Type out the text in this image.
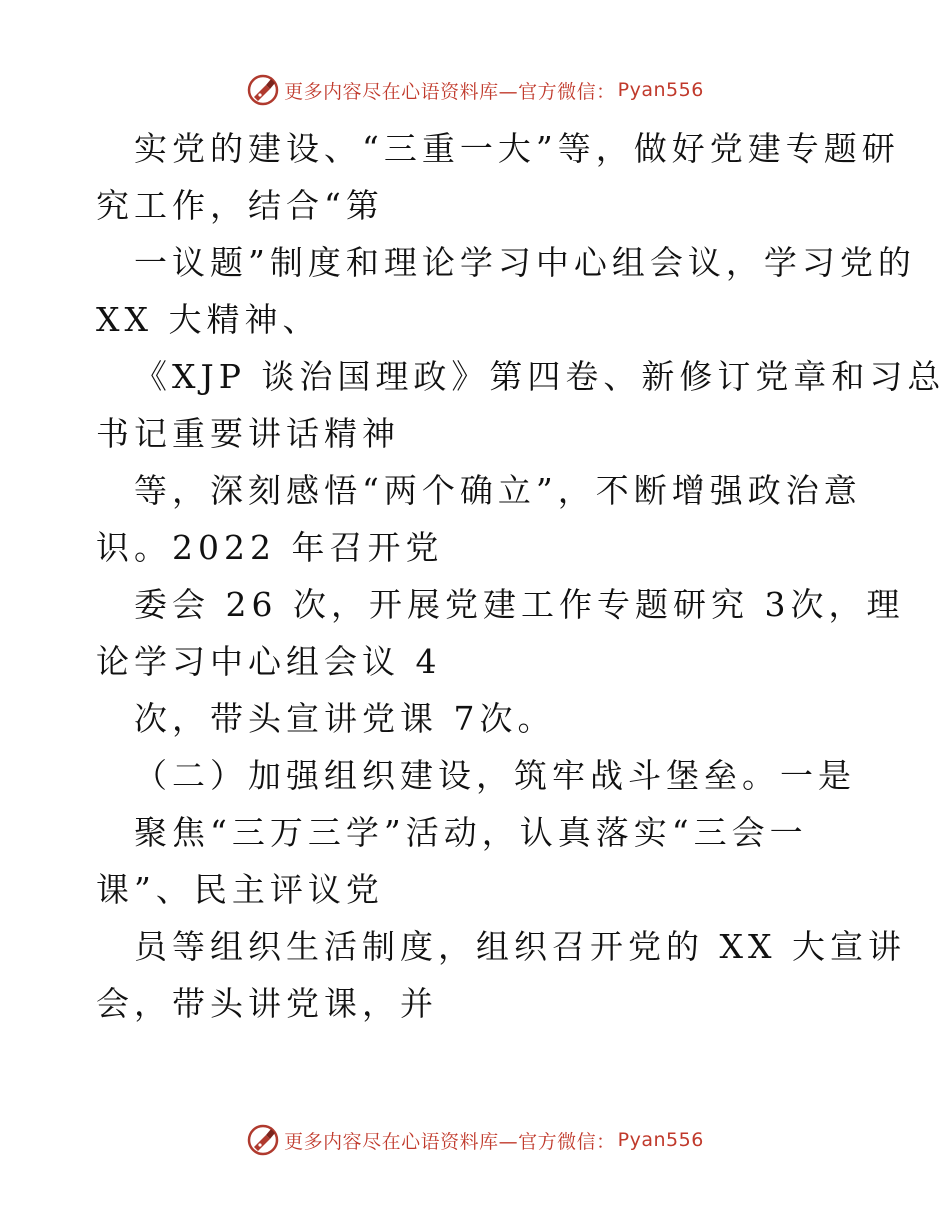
更多内容尽在心语资料库—官方微信： Pyan556
实党的建设、“三重一大”等，做好党建专题研
究工作，结合“第
一议题”制度和理论学习中心组会议，学习党的
XX 大精神、
《XJP 谈治国理政》第四卷、新修订党章和习总
书记重要讲话精神
等，深刻感悟“两个确立”，不断增强政治意
识。2022 年召开党
委会 26 次，开展党建工作专题研究 3次，理
论学习中心组会议 4
次，带头宣讲党课 7次。
（二）加强组织建设，筑牢战斗堡垒。一是
聚焦“三万三学”活动，认真落实“三会一
课”、民主评议党
员等组织生活制度，组织召开党的 XX 大宣讲
会，带头讲党课，并
更多内容尽在心语资料库—官方微信： Pyan556
